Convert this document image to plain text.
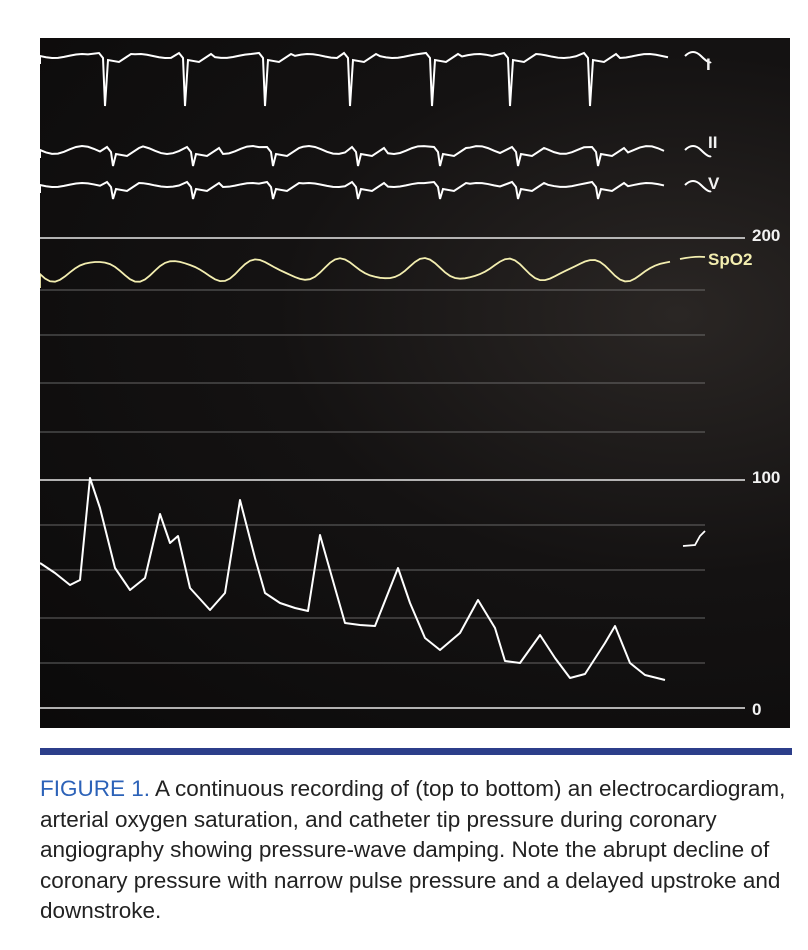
I
II
V
SpO2
200
100
0
FIGURE 1. A continuous recording of (top to bottom) an electrocardiogram, arterial oxygen saturation, and catheter tip pressure during coronary angiography showing pressure-wave damping. Note the abrupt decline of coronary pressure with narrow pulse pressure and a delayed upstroke and downstroke.
